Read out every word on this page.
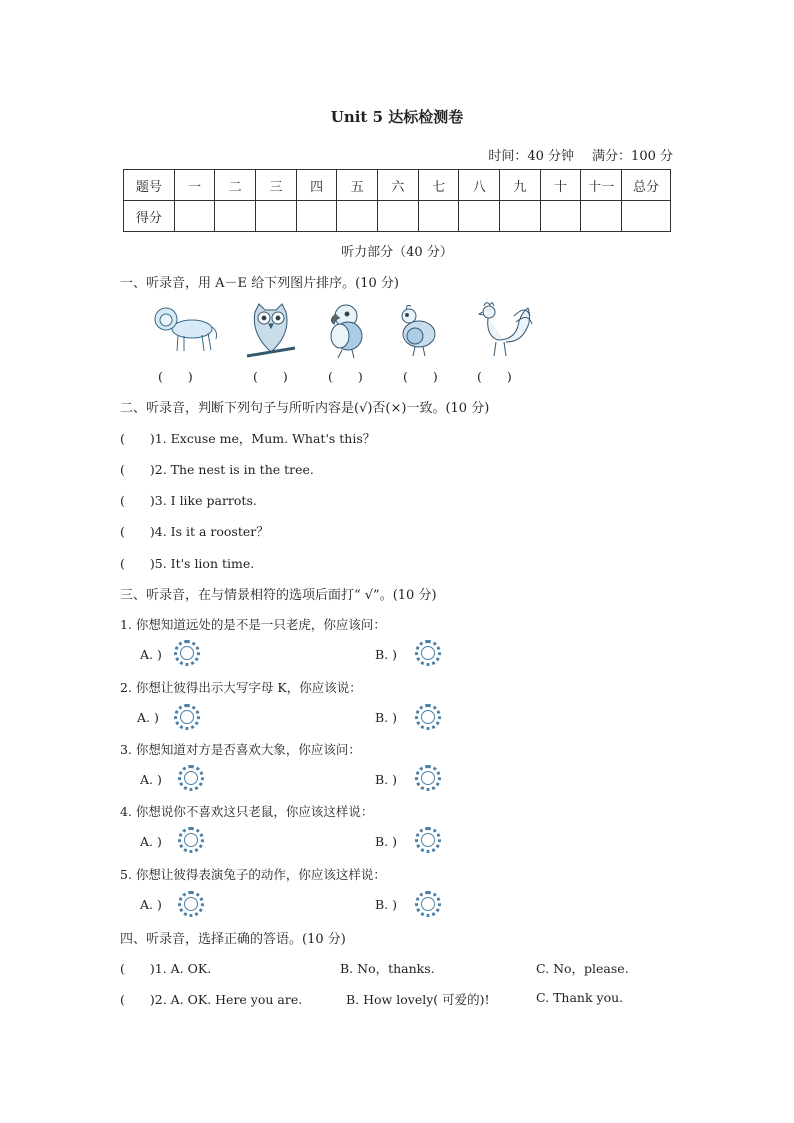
Unit 5 达标检测卷
时间：40 分钟 满分：100 分
题号	一	二	三	四	五	六	七	八	九	十	十一	总分
得分												
听力部分（40 分）
一、听录音，用 A－E 给下列图片排序。(10 分)
(　　)	(　　)	(　　)	(　　)	(　　)
二、听录音，判断下列句子与所听内容是(√)否(×)一致。(10 分)
(　　)1. Excuse me，Mum. What's this？
(　　)2. The nest is in the tree.
(　　)3. I like parrots.
(　　)4. Is it a rooster？
(　　)5. It's lion time.
三、听录音，在与情景相符的选项后面打“ √”。(10 分)
1. 你想知道远处的是不是一只老虎，你应该问：
A. )	B. )
2. 你想让彼得出示大写字母 K，你应该说：
A. )	B. )
3. 你想知道对方是否喜欢大象，你应该问：
A. )	B. )
4. 你想说你不喜欢这只老鼠，你应该这样说：
A. )	B. )
5. 你想让彼得表演兔子的动作，你应该这样说：
A. )	B. )
四、听录音，选择正确的答语。(10 分)
(　　)1. A. OK.	B. No，thanks.	C. No，please.
(　　)2. A. OK. Here you are.	B. How lovely( 可爱的)!	C. Thank you.
